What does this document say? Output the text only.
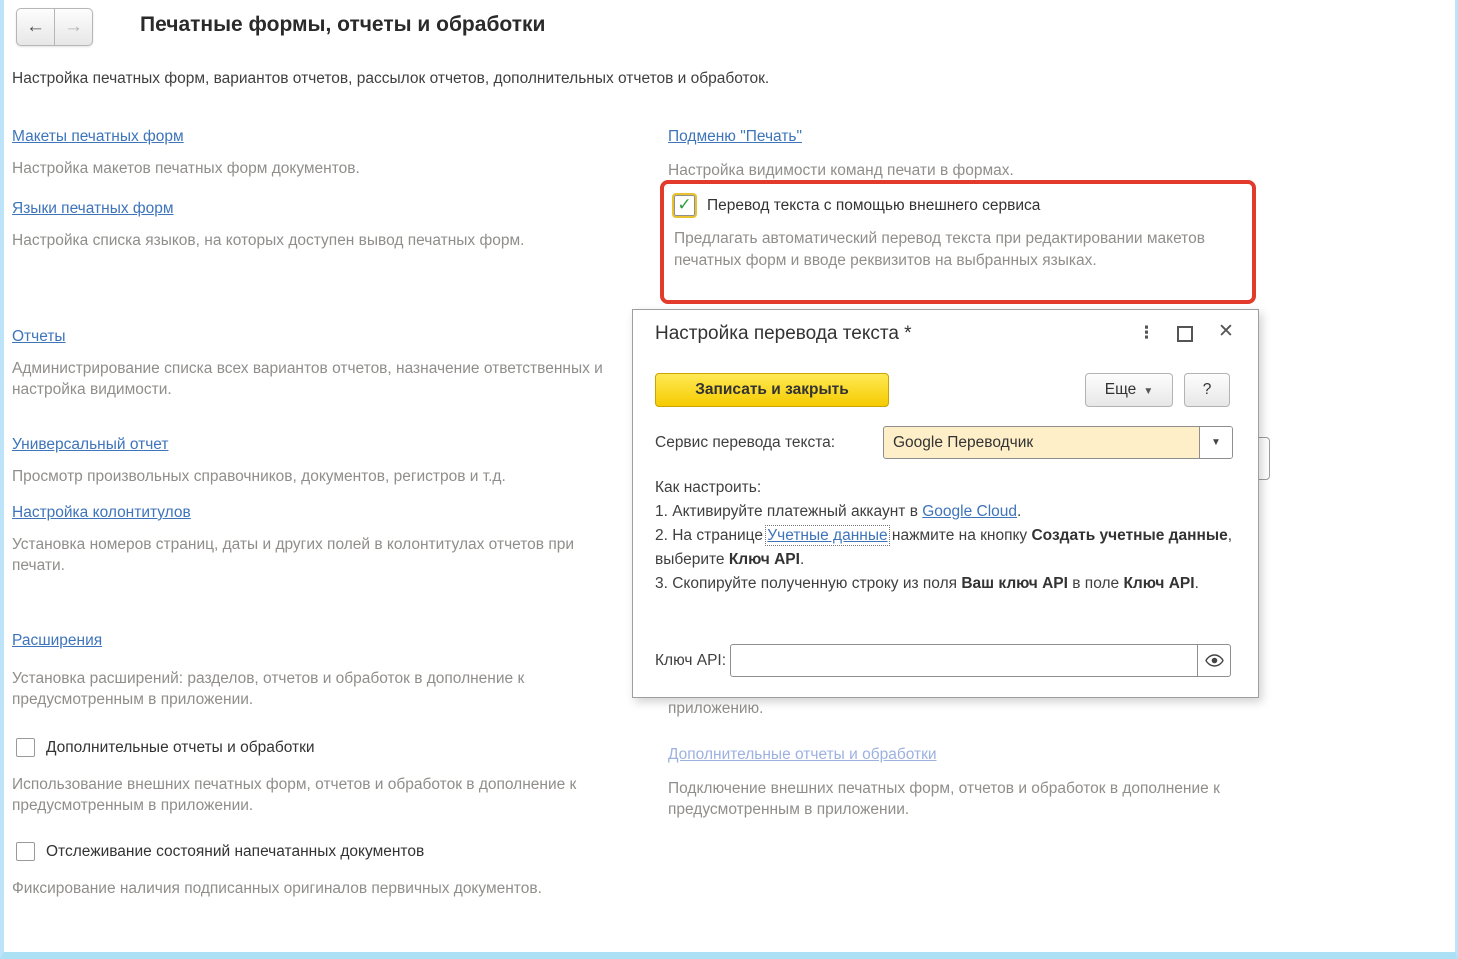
← →	Печатные формы, отчеты и обработки
Настройка печатных форм, вариантов отчетов, рассылок отчетов, дополнительных отчетов и обработок.
Макеты печатных форм
Настройка макетов печатных форм документов.
Языки печатных форм
Настройка списка языков, на которых доступен вывод печатных форм.
Отчеты
Администрирование списка всех вариантов отчетов, назначение ответственных и настройка видимости.
Универсальный отчет
Просмотр произвольных справочников, документов, регистров и т.д.
Настройка колонтитулов
Установка номеров страниц, даты и других полей в колонтитулах отчетов при печати.
Расширения
Установка расширений: разделов, отчетов и обработок в дополнение к предусмотренным в приложении.
Дополнительные отчеты и обработки
Использование внешних печатных форм, отчетов и обработок в дополнение к предусмотренным в приложении.
Отслеживание состояний напечатанных документов
Фиксирование наличия подписанных оригиналов первичных документов.
Подменю "Печать"
Настройка видимости команд печати в формах.
✓ Перевод текста с помощью внешнего сервиса
Предлагать автоматический перевод текста при редактировании макетов печатных форм и вводе реквизитов на выбранных языках.
приложению.
Дополнительные отчеты и обработки
Подключение внешних печатных форм, отчетов и обработок в дополнение к предусмотренным в приложении.
Настройка перевода текста *	⋮	✕
Записать и закрыть	Еще ▼	?
Сервис перевода текста:	Google Переводчик	▼
Как настроить:
1. Активируйте платежный аккаунт в Google Cloud.
2. На странице Учетные данные нажмите на кнопку Создать учетные данные, выберите Ключ API.
3. Скопируйте полученную строку из поля Ваш ключ API в поле Ключ API.
Ключ API:
